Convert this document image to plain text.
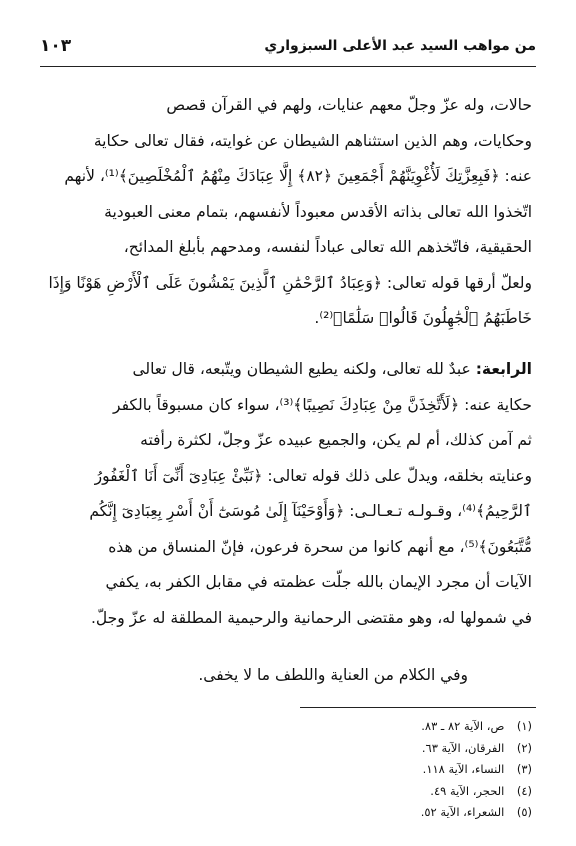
من مواهب السيد عبد الأعلى السبزواري
١٠٣
حالات، وله عزّ وجلّ معهم عنايات، ولهم في القرآن قصص
وحكايات، وهم الذين استثناهم الشيطان عن غوايته، فقال تعالى حكاية
عنه: ﴿فَبِعِزَّتِكَ لَأُغْوِيَنَّهُمْ أَجْمَعِينَ ﴿٨٢﴾ إِلَّا عِبَادَكَ مِنْهُمُ ٱلْمُخْلَصِينَ﴾⁽¹⁾، لأنهم
اتّخذوا الله تعالى بذاته الأقدس معبوداً لأنفسهم، بتمام معنى العبودية
الحقيقية، فاتّخذهم الله تعالى عباداً لنفسه، ومدحهم بأبلغ المدائح،
ولعلّ أرقها قوله تعالى: ﴿وَعِبَادُ ٱلرَّحْمَٰنِ ٱلَّذِينَ يَمْشُونَ عَلَى ٱلْأَرْضِ هَوْنًا وَإِذَا
خَاطَبَهُمُ ٱلْجَٰهِلُونَ قَالُوا۟ سَلَٰمًا﴾⁽²⁾.
الرابعة: عبدٌ لله تعالى، ولكنه يطيع الشيطان ويتّبعه، قال تعالى
حكاية عنه: ﴿لَأَتَّخِذَنَّ مِنْ عِبَادِكَ نَصِيبًا﴾⁽³⁾، سواء كان مسبوقاً بالكفر
ثم آمن كذلك، أم لم يكن، والجميع عبيده عزّ وجلّ، لكثرة رأفته
وعنايته بخلقه، ويدلّ على ذلك قوله تعالى: ﴿نَبِّئْ عِبَادِىٓ أَنِّىٓ أَنَا ٱلْغَفُورُ
ٱلرَّحِيمُ﴾⁽⁴⁾، وقـولـه تـعـالـى: ﴿وَأَوْحَيْنَآ إِلَىٰ مُوسَىٰٓ أَنْ أَسْرِ بِعِبَادِىٓ إِنَّكُم
مُّتَّبَعُونَ﴾⁽⁵⁾، مع أنهم كانوا من سحرة فرعون، فإنّ المنساق من هذه
الآيات أن مجرد الإيمان بالله جلّت عظمته في مقابل الكفر به، يكفي
في شمولها له، وهو مقتضى الرحمانية والرحيمية المطلقة له عزّ وجلّ.
وفي الكلام من العناية واللطف ما لا يخفى.
(١) ص، الآية ٨٢ ـ ٨٣.
(٢) الفرقان، الآية ٦٣.
(٣) النساء، الآية ١١٨.
(٤) الحجر، الآية ٤٩.
(٥) الشعراء، الآية ٥٢.
